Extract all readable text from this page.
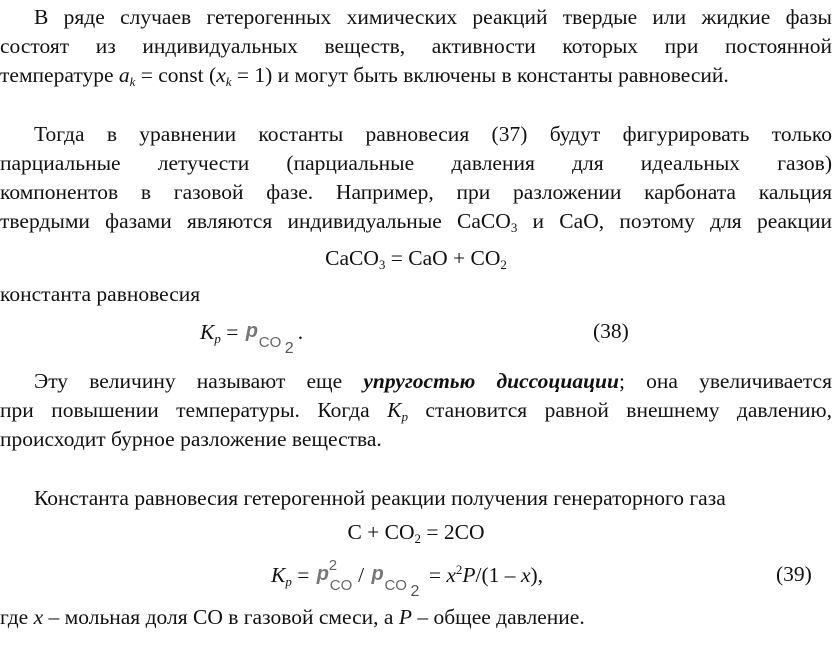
В ряде случаев гетерогенных химических реакций твердые или жидкие фазы
состоят из индивидуальных веществ, активности которых при постоянной
температуре $a_k$ = const $(x_k = 1)$ и могут быть включены в константы равновесий.
Тогда в уравнении костанты равновесия (37) будут фигурировать только
парциальные летучести (парциальные давления для идеальных газов)
компонентов в газовой фазе. Например, при разложении карбоната кальция
твердыми фазами являются индивидуальные CaCO$_3$ и CaO, поэтому для реакции
CaCO$_3$ = CaO + $CO_2$
константа равновесия
$K_p = p$
CO 2
.	(38)
Эту величину называют еще упругостью диссоциации; она увеличивается
при повышении температуры. Когда $K_p$ становится равной внешнему давлению,
происходит бурное разложение вещества.
Константа равновесия гетерогенной реакции получения генераторного газа
$C + CO_2 = 2CO$
$K_p = p$ 2
CO / p
CO 2
= $x^2P/(1 - x)$,	(39)
где x – мольная доля CO в газовой смеси, а P – общее давление.
